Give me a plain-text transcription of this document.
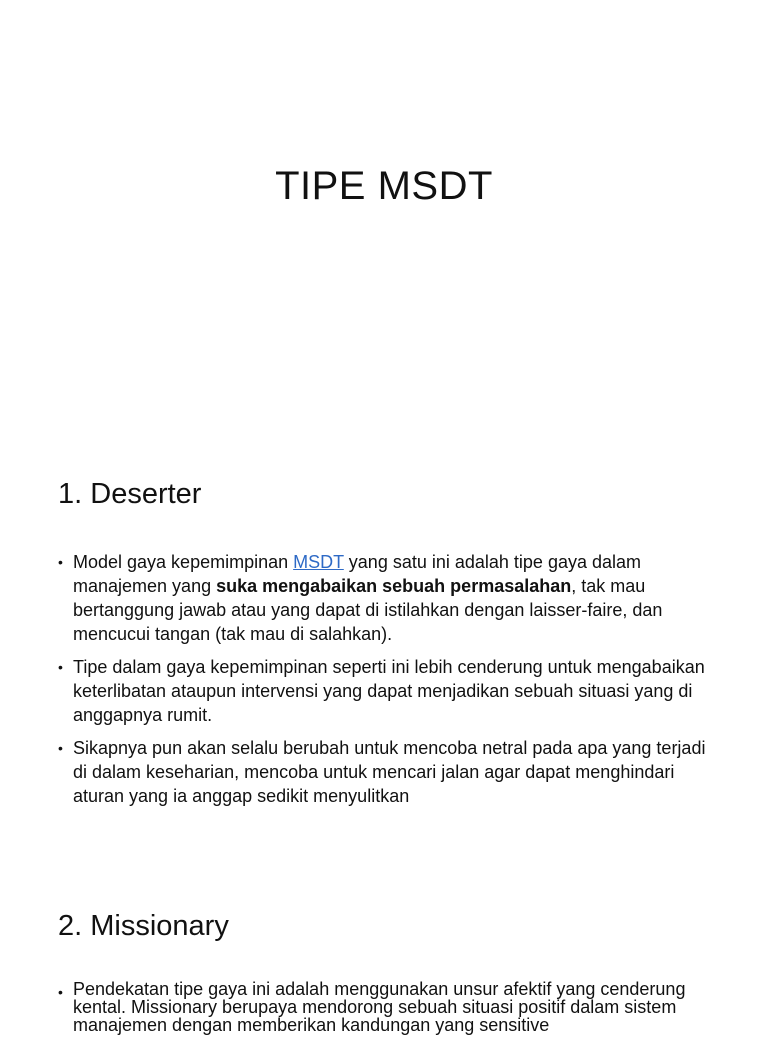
TIPE MSDT
1. Deserter
• Model gaya kepemimpinan MSDT yang satu ini adalah tipe gaya dalam manajemen yang suka mengabaikan sebuah permasalahan, tak mau bertanggung jawab atau yang dapat di istilahkan dengan laisser-faire, dan mencucui tangan (tak mau di salahkan).
• Tipe dalam gaya kepemimpinan seperti ini lebih cenderung untuk mengabaikan keterlibatan ataupun intervensi yang dapat menjadikan sebuah situasi yang di anggapnya rumit.
• Sikapnya pun akan selalu berubah untuk mencoba netral pada apa yang terjadi di dalam keseharian, mencoba untuk mencari jalan agar dapat menghindari aturan yang ia anggap sedikit menyulitkan
2. Missionary
• Pendekatan tipe gaya ini adalah menggunakan unsur afektif yang cenderung kental. Missionary berupaya mendorong sebuah situasi positif dalam sistem manajemen dengan memberikan kandungan yang sensitive
